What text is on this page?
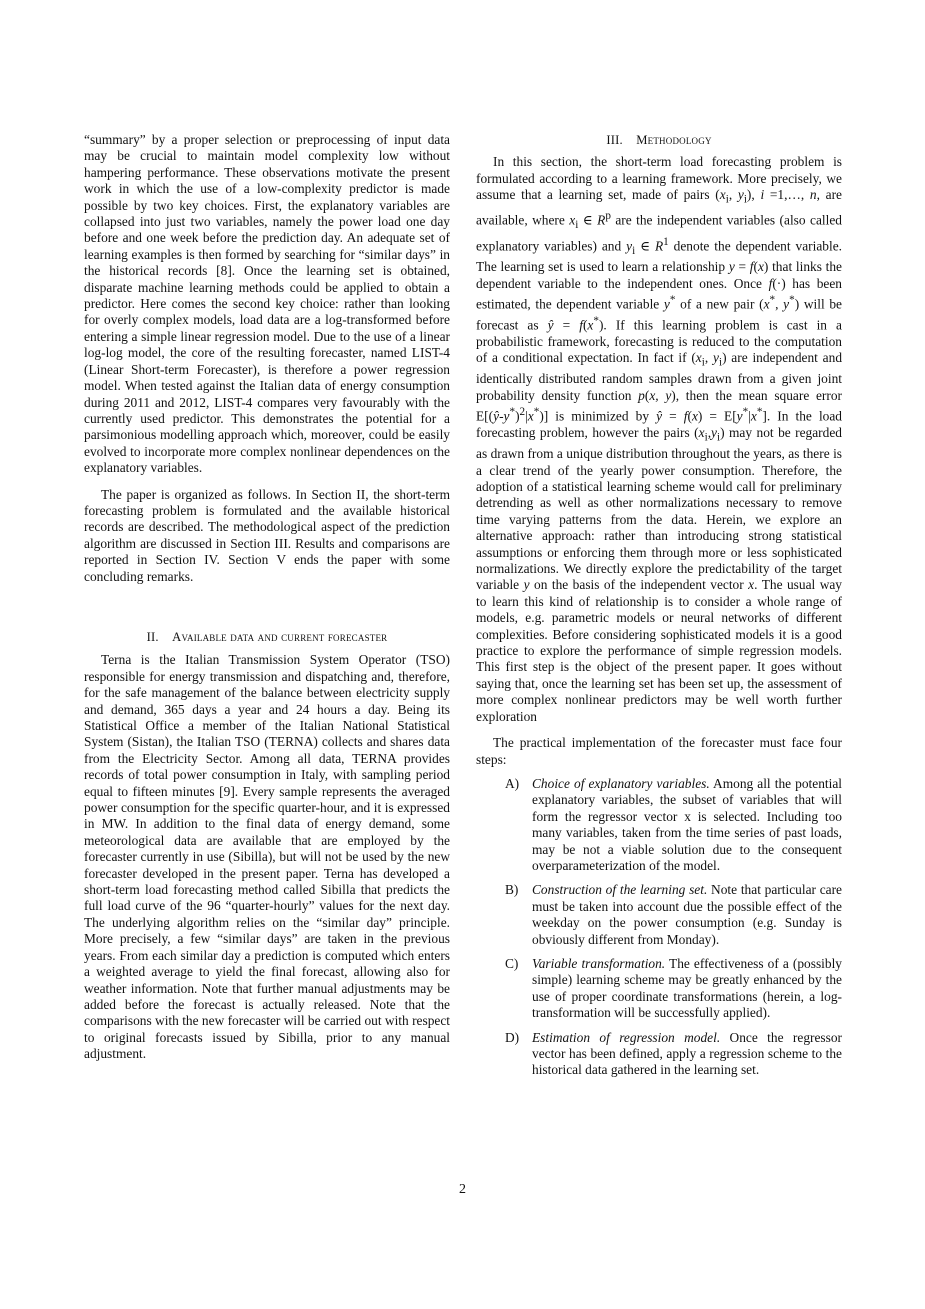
“summary” by a proper selection or preprocessing of input data may be crucial to maintain model complexity low without hampering performance. These observations motivate the present work in which the use of a low-complexity predictor is made possible by two key choices. First, the explanatory variables are collapsed into just two variables, namely the power load one day before and one week before the prediction day. An adequate set of learning examples is then formed by searching for “similar days” in the historical records [8]. Once the learning set is obtained, disparate machine learning methods could be applied to obtain a predictor. Here comes the second key choice: rather than looking for overly complex models, load data are a log-transformed before entering a simple linear regression model. Due to the use of a linear log-log model, the core of the resulting forecaster, named LIST-4 (Linear Short-term Forecaster), is therefore a power regression model. When tested against the Italian data of energy consumption during 2011 and 2012, LIST-4 compares very favourably with the currently used predictor. This demonstrates the potential for a parsimonious modelling approach which, moreover, could be easily evolved to incorporate more complex nonlinear dependences on the explanatory variables.

The paper is organized as follows. In Section II, the short-term forecasting problem is formulated and the available historical records are described. The methodological aspect of the prediction algorithm are discussed in Section III. Results and comparisons are reported in Section IV. Section V ends the paper with some concluding remarks.

II. Available data and current forecaster

Terna is the Italian Transmission System Operator (TSO) responsible for energy transmission and dispatching and, therefore, for the safe management of the balance between electricity supply and demand, 365 days a year and 24 hours a day. Being its Statistical Office a member of the Italian National Statistical System (Sistan), the Italian TSO (TERNA) collects and shares data from the Electricity Sector. Among all data, TERNA provides records of total power consumption in Italy, with sampling period equal to fifteen minutes [9]. Every sample represents the averaged power consumption for the specific quarter-hour, and it is expressed in MW. In addition to the final data of energy demand, some meteorological data are available that are employed by the forecaster currently in use (Sibilla), but will not be used by the new forecaster developed in the present paper. Terna has developed a short-term load forecasting method called Sibilla that predicts the full load curve of the 96 “quarter-hourly” values for the next day. The underlying algorithm relies on the “similar day” principle. More precisely, a few “similar days” are taken in the previous years. From each similar day a prediction is computed which enters a weighted average to yield the final forecast, allowing also for weather information. Note that further manual adjustments may be added before the forecast is actually released. Note that the comparisons with the new forecaster will be carried out with respect to original forecasts issued by Sibilla, prior to any manual adjustment.

III. Methodology

In this section, the short-term load forecasting problem is formulated according to a learning framework. More precisely, we assume that a learning set, made of pairs ($x_i$, $y_i$), i =1,…, n, are available, where $x_i$ ∈ $R^p$ are the independent variables (also called explanatory variables) and $y_i$ ∈ $R^1$ denote the dependent variable. The learning set is used to learn a relationship y = f(x) that links the dependent variable to the independent ones. Once f(·) has been estimated, the dependent variable y* of a new pair (x*, y*) will be forecast as ŷ = f(x*). If this learning problem is cast in a probabilistic framework, forecasting is reduced to the computation of a conditional expectation. In fact if ($x_i$, $y_i$) are independent and identically distributed random samples drawn from a given joint probability density function p(x, y), then the mean square error E[(ŷ-y*)$^2$|x*)] is minimized by ŷ = f(x) = E[y*|x*]. In the load forecasting problem, however the pairs $(x_i,y_i)$ may not be regarded as drawn from a unique distribution throughout the years, as there is a clear trend of the yearly power consumption. Therefore, the adoption of a statistical learning scheme would call for preliminary detrending as well as other normalizations necessary to remove time varying patterns from the data. Herein, we explore an alternative approach: rather than introducing strong statistical assumptions or enforcing them through more or less sophisticated normalizations. We directly explore the predictability of the target variable y on the basis of the independent vector x. The usual way to learn this kind of relationship is to consider a whole range of models, e.g. parametric models or neural networks of different complexities. Before considering sophisticated models it is a good practice to explore the performance of simple regression models. This first step is the object of the present paper. It goes without saying that, once the learning set has been set up, the assessment of more complex nonlinear predictors may be well worth further exploration

The practical implementation of the forecaster must face four steps:

A) Choice of explanatory variables. Among all the potential explanatory variables, the subset of variables that will form the regressor vector x is selected. Including too many variables, taken from the time series of past loads, may be not a viable solution due to the consequent overparameterization of the model.
B) Construction of the learning set. Note that particular care must be taken into account due the possible effect of the weekday on the power consumption (e.g. Sunday is obviously different from Monday).
C) Variable transformation. The effectiveness of a (possibly simple) learning scheme may be greatly enhanced by the use of proper coordinate transformations (herein, a log-transformation will be successfully applied).
D) Estimation of regression model. Once the regressor vector has been defined, apply a regression scheme to the historical data gathered in the learning set.
2
